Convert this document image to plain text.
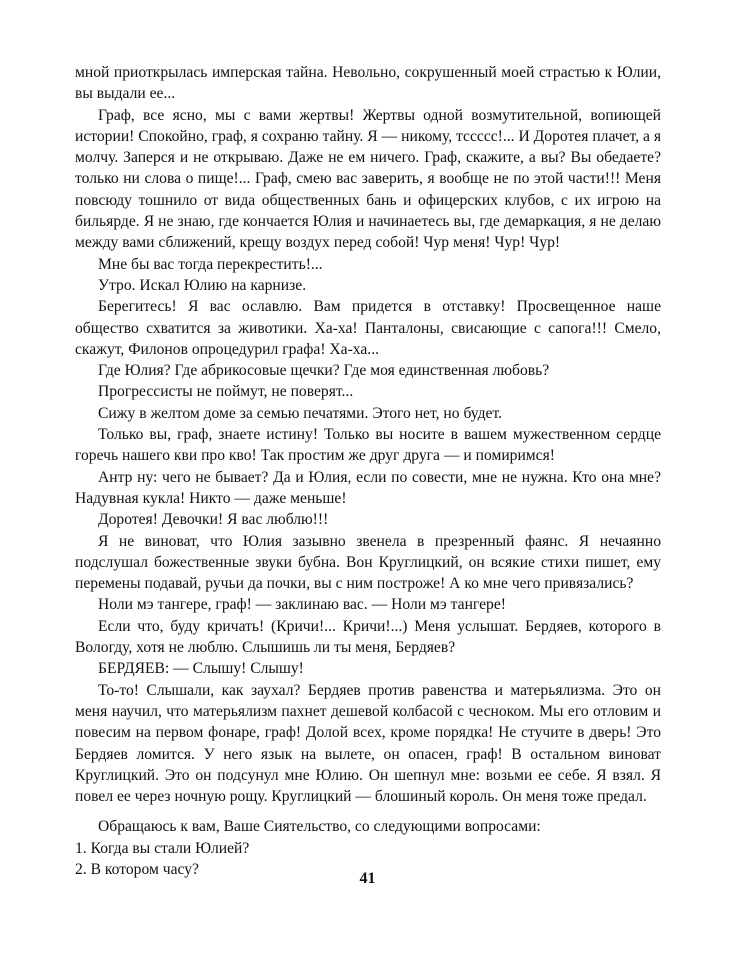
мной приоткрылась имперская тайна. Невольно, сокрушенный моей страстью к Юлии, вы выдали ее...

Граф, все ясно, мы с вами жертвы! Жертвы одной возмутительной, вопиющей истории! Спокойно, граф, я сохраню тайну. Я — никому, тссссс!... И Доротея плачет, а я молчу. Заперся и не открываю. Даже не ем ничего. Граф, скажите, а вы? Вы обедаете? только ни слова о пище!... Граф, смею вас заверить, я вообще не по этой части!!! Меня повсюду тошнило от вида общественных бань и офицерских клубов, с их игрою на бильярде. Я не знаю, где кончается Юлия и начинаетесь вы, где демаркация, я не делаю между вами сближений, крещу воздух перед собой! Чур меня! Чур! Чур!

Мне бы вас тогда перекрестить!...

Утро. Искал Юлию на карнизе.

Берегитесь! Я вас ославлю. Вам придется в отставку! Просвещенное наше общество схватится за животики. Ха-ха! Панталоны, свисающие с сапога!!! Смело, скажут, Филонов опроцедурил графа! Ха-ха...

Где Юлия? Где абрикосовые щечки? Где моя единственная любовь?

Прогрессисты не поймут, не поверят...

Сижу в желтом доме за семью печатями. Этого нет, но будет.

Только вы, граф, знаете истину! Только вы носите в вашем мужественном сердце горечь нашего кви про кво! Так простим же друг друга — и помиримся!

Антр ну: чего не бывает? Да и Юлия, если по совести, мне не нужна. Кто она мне? Надувная кукла! Никто — даже меньше!

Доротея! Девочки! Я вас люблю!!!

Я не виноват, что Юлия зазывно звенела в презренный фаянс. Я нечаянно подслушал божественные звуки бубна. Вон Круглицкий, он всякие стихи пишет, ему перемены подавай, ручьи да почки, вы с ним построже! А ко мне чего привязались?

Ноли мэ тангере, граф! — заклинаю вас. — Ноли мэ тангере!

Если что, буду кричать! (Кричи!... Кричи!...) Меня услышат. Бердяев, которого в Вологду, хотя не люблю. Слышишь ли ты меня, Бердяев?

БЕРДЯЕВ: — Слышу! Слышу!

То-то! Слышали, как заухал? Бердяев против равенства и матерьялизма. Это он меня научил, что матерьялизм пахнет дешевой колбасой с чесноком. Мы его отловим и повесим на первом фонаре, граф! Долой всех, кроме порядка! Не стучите в дверь! Это Бердяев ломится. У него язык на вылете, он опасен, граф! В остальном виноват Круглицкий. Это он подсунул мне Юлию. Он шепнул мне: возьми ее себе. Я взял. Я повел ее через ночную рощу. Круглицкий — блошиный король. Он меня тоже предал.

Обращаюсь к вам, Ваше Сиятельство, со следующими вопросами:

1. Когда вы стали Юлией?

2. В котором часу?

41
